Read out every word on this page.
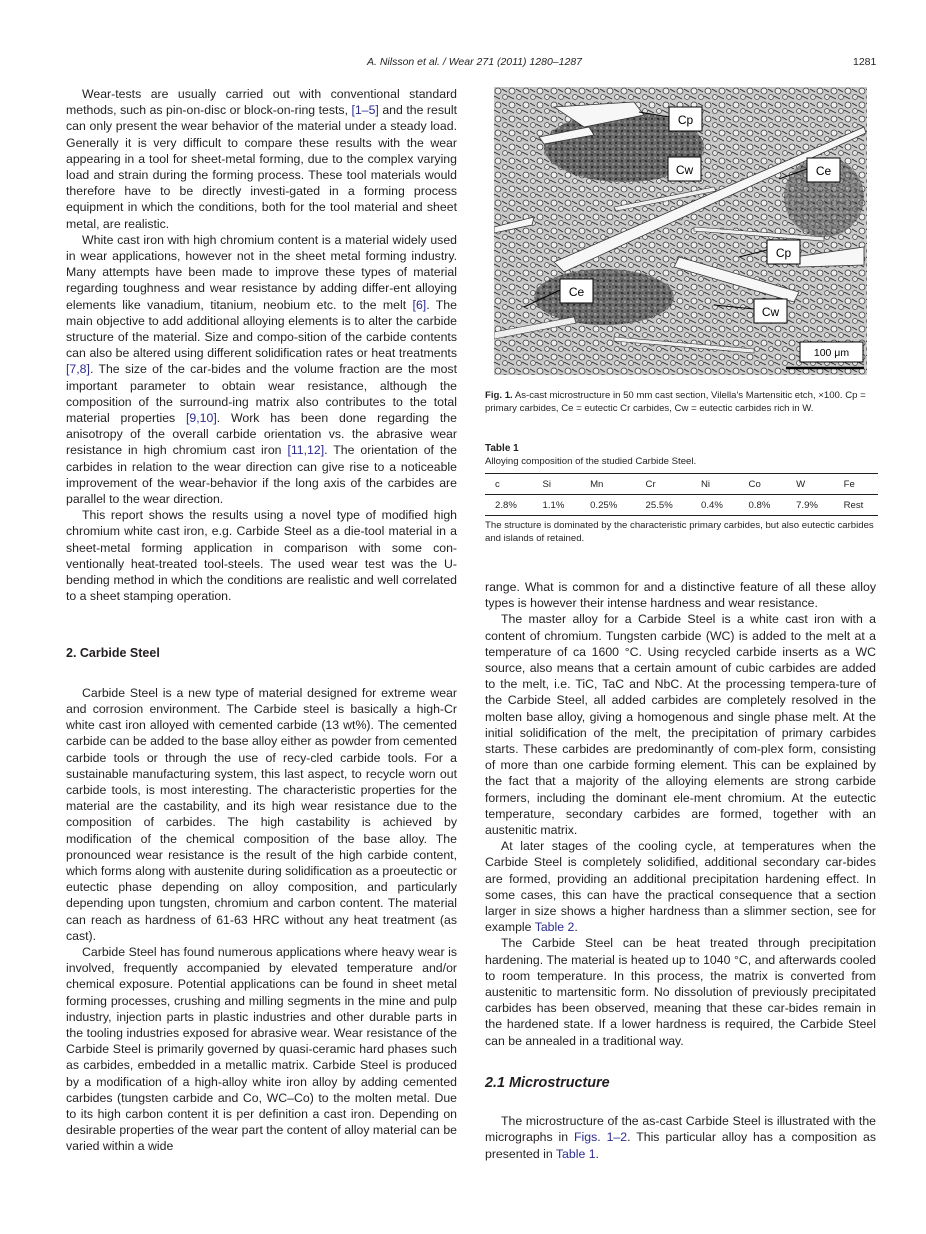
A. Nilsson et al. / Wear 271 (2011) 1280–1287	1281

Wear-tests are usually carried out with conventional standard methods, such as pin-on-disc or block-on-ring tests, [1–5] and the result can only present the wear behavior of the material under a steady load. Generally it is very difficult to compare these results with the wear appearing in a tool for sheet-metal forming, due to the complex varying load and strain during the forming process. These tool materials would therefore have to be directly investi-gated in a forming process equipment in which the conditions, both for the tool material and sheet metal, are realistic.

White cast iron with high chromium content is a material widely used in wear applications, however not in the sheet metal forming industry. Many attempts have been made to improve these types of material regarding toughness and wear resistance by adding differ-ent alloying elements like vanadium, titanium, neobium etc. to the melt [6]. The main objective to add additional alloying elements is to alter the carbide structure of the material. Size and compo-sition of the carbide contents can also be altered using different solidification rates or heat treatments [7,8]. The size of the car-bides and the volume fraction are the most important parameter to obtain wear resistance, although the composition of the surround-ing matrix also contributes to the total material properties [9,10]. Work has been done regarding the anisotropy of the overall carbide orientation vs. the abrasive wear resistance in high chromium cast iron [11,12]. The orientation of the carbides in relation to the wear direction can give rise to a noticeable improvement of the wear-behavior if the long axis of the carbides are parallel to the wear direction.

This report shows the results using a novel type of modified high chromium white cast iron, e.g. Carbide Steel as a die-tool material in a sheet-metal forming application in comparison with some con-ventionally heat-treated tool-steels. The used wear test was the U-bending method in which the conditions are realistic and well correlated to a sheet stamping operation.

2. Carbide Steel

Carbide Steel is a new type of material designed for extreme wear and corrosion environment. The Carbide steel is basically a high-Cr white cast iron alloyed with cemented carbide (13 wt%). The cemented carbide can be added to the base alloy either as powder from cemented carbide tools or through the use of recy-cled carbide tools. For a sustainable manufacturing system, this last aspect, to recycle worn out carbide tools, is most interesting. The characteristic properties for the material are the castability, and its high wear resistance due to the composition of carbides. The high castability is achieved by modification of the chemical composition of the base alloy. The pronounced wear resistance is the result of the high carbide content, which forms along with austenite during solidification as a proeutectic or eutectic phase depending on alloy composition, and particularly depending upon tungsten, chromium and carbon content. The material can reach as hardness of 61-63 HRC without any heat treatment (as cast).

Carbide Steel has found numerous applications where heavy wear is involved, frequently accompanied by elevated temperature and/or chemical exposure. Potential applications can be found in sheet metal forming processes, crushing and milling segments in the mine and pulp industry, injection parts in plastic industries and other durable parts in the tooling industries exposed for abrasive wear. Wear resistance of the Carbide Steel is primarily governed by quasi-ceramic hard phases such as carbides, embedded in a metallic matrix. Carbide Steel is produced by a modification of a high-alloy white iron alloy by adding cemented carbides (tungsten carbide and Co, WC–Co) to the molten metal. Due to its high carbon content it is per definition a cast iron. Depending on desirable properties of the wear part the content of alloy material can be varied within a wide

Cp
Cw	Ce
Cp
Ce
Cw
100 μm
Fig. 1. As-cast microstructure in 50 mm cast section, Vilella's Martensitic etch, ×100. Cp = primary carbides, Ce = eutectic Cr carbides, Cw = eutectic carbides rich in W.
Table 1
Alloying composition of the studied Carbide Steel.
c	Si	Mn	Cr	Ni	Co	W	Fe
2.8%	1.1%	0.25%	25.5%	0.4%	0.8%	7.9%	Rest
The structure is dominated by the characteristic primary carbides, but also eutectic carbides and islands of retained.

range. What is common for and a distinctive feature of all these alloy types is however their intense hardness and wear resistance.

The master alloy for a Carbide Steel is a white cast iron with a content of chromium. Tungsten carbide (WC) is added to the melt at a temperature of ca 1600 °C. Using recycled carbide inserts as a WC source, also means that a certain amount of cubic carbides are added to the melt, i.e. TiC, TaC and NbC. At the processing tempera-ture of the Carbide Steel, all added carbides are completely resolved in the molten base alloy, giving a homogenous and single phase melt. At the initial solidification of the melt, the precipitation of primary carbides starts. These carbides are predominantly of com-plex form, consisting of more than one carbide forming element. This can be explained by the fact that a majority of the alloying elements are strong carbide formers, including the dominant ele-ment chromium. At the eutectic temperature, secondary carbides are formed, together with an austenitic matrix.

At later stages of the cooling cycle, at temperatures when the Carbide Steel is completely solidified, additional secondary car-bides are formed, providing an additional precipitation hardening effect. In some cases, this can have the practical consequence that a section larger in size shows a higher hardness than a slimmer section, see for example Table 2.

The Carbide Steel can be heat treated through precipitation hardening. The material is heated up to 1040 °C, and afterwards cooled to room temperature. In this process, the matrix is converted from austenitic to martensitic form. No dissolution of previously precipitated carbides has been observed, meaning that these car-bides remain in the hardened state. If a lower hardness is required, the Carbide Steel can be annealed in a traditional way.

2.1 Microstructure

The microstructure of the as-cast Carbide Steel is illustrated with the micrographs in Figs. 1–2. This particular alloy has a composition as presented in Table 1.
